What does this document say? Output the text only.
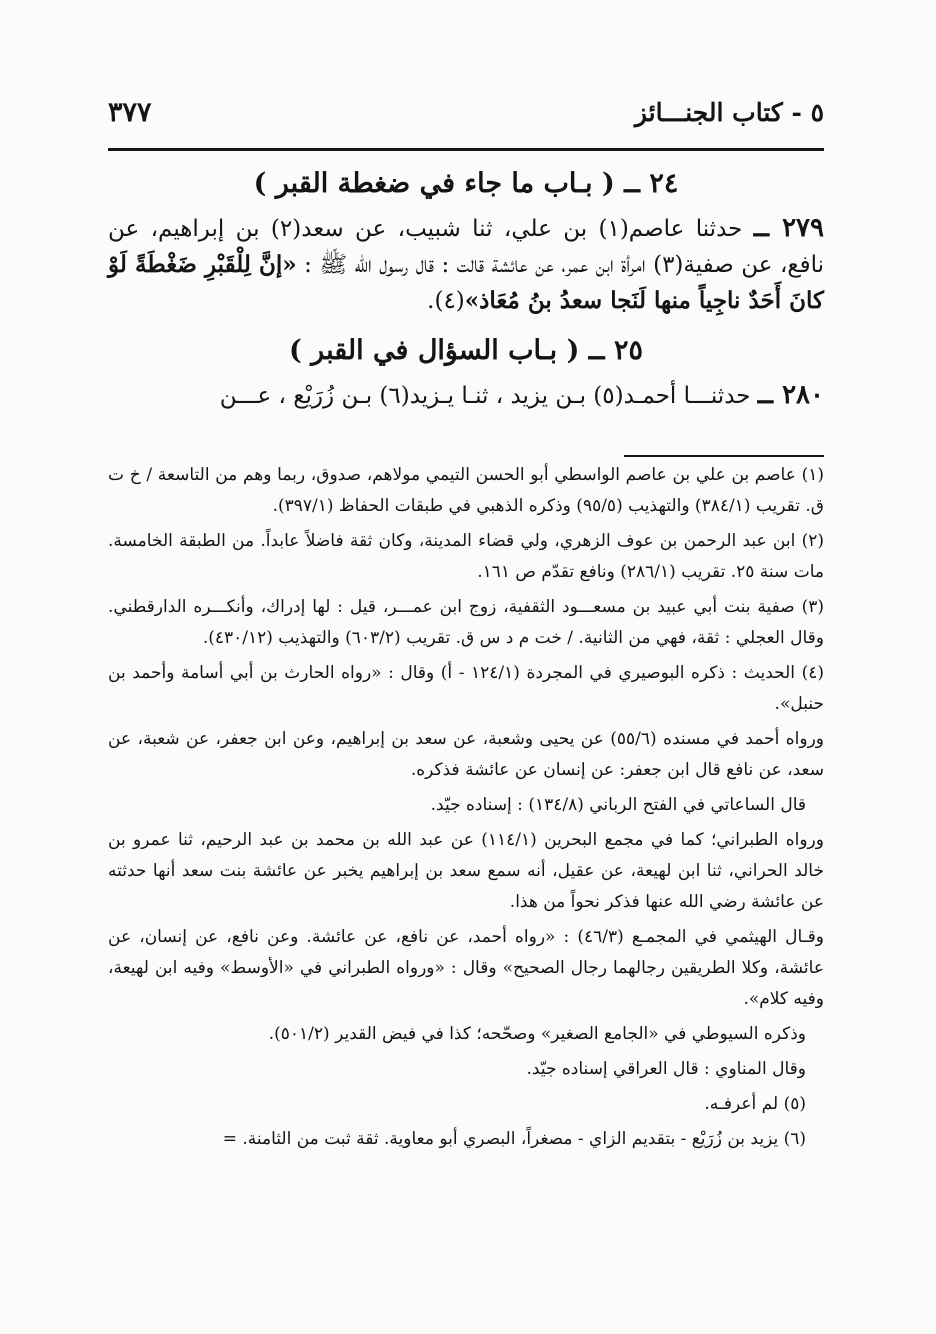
٣٧٧	٥ - كتاب الجنـــائز
٢٤ ــ ( بـاب ما جاء في ضغطة القبر )
٢٧٩ ــ حدثنا عاصم(١) بن علي، ثنا شبيب، عن سعد(٢) بن إبراهيم، عن نافع، عن صفية(٣) امرأة ابن عمر، عن عائشة قالت : قال رسول الله ﷺ : «إنَّ لِلْقَبْرِ ضَغْطَةً لَوْ كانَ أَحَدٌ ناجِياً منها لَنَجا سعدُ بنُ مُعَاذ»(٤).
٢٥ ــ ( بـاب السؤال في القبر )
٢٨٠ ــ حدثنـــا أحمـد(٥) بـن يزيد ، ثنـا يـزيد(٦) بـن زُرَيْع ، عـــن

(١) عاصم بن علي بن عاصم الواسطي أبو الحسن التيمي مولاهم، صدوق، ربما وهم من التاسعة / خ ت ق. تقريب (٣٨٤/١) والتهذيب (٩٥/٥) وذكره الذهبي في طبقات الحفاظ (٣٩٧/١).

(٢) ابن عبد الرحمن بن عوف الزهري، ولي قضاء المدينة، وكان ثقة فاضلاً عابداً. من الطبقة الخامسة. مات سنة ٢٥. تقريب (٢٨٦/١) ونافع تقدّم ص ١٦١.

(٣) صفية بنت أبي عبيد بن مسعـــود الثقفية، زوج ابن عمـــر، قيل : لها إدراك، وأنكـــره الدارقطني. وقال العجلي : ثقة، فهي من الثانية. / خت م د س ق. تقريب (٦٠٣/٢) والتهذيب (٤٣٠/١٢).

(٤) الحديث : ذكره البوصيري في المجردة (١٢٤/١ - أ) وقال : «رواه الحارث بن أبي أسامة وأحمد بن حنبل».

ورواه أحمد في مسنده (٥٥/٦) عن يحيى وشعبة، عن سعد بن إبراهيم، وعن ابن جعفر، عن شعبة، عن سعد، عن نافع قال ابن جعفر: عن إنسان عن عائشة فذكره.

قال الساعاتي في الفتح الرباني (١٣٤/٨) : إسناده جيّد.

ورواه الطبراني؛ كما في مجمع البحرين (١١٤/١) عن عبد الله بن محمد بن عبد الرحيم، ثنا عمرو بن خالد الحراني، ثنا ابن لهيعة، عن عقيل، أنه سمع سعد بن إبراهيم يخبر عن عائشة بنت سعد أنها حدثته عن عائشة رضي الله عنها فذكر نحواً من هذا.

وقـال الهيثمي في المجمـع (٤٦/٣) : «رواه أحمد، عن نافع، عن عائشة. وعن نافع، عن إنسان، عن عائشة، وكلا الطريقين رجالهما رجال الصحيح» وقال : «ورواه الطبراني في «الأوسط» وفيه ابن لهيعة، وفيه كلام».

وذكره السيوطي في «الجامع الصغير» وصحّحه؛ كذا في فيض القدير (٥٠١/٢).

وقال المناوي : قال العراقي إسناده جيّد.

(٥) لم أعرفـه.

(٦) يزيد بن زُرَيْع - بتقديم الزاي - مصغراً، البصري أبو معاوية. ثقة ثبت من الثامنة. =
